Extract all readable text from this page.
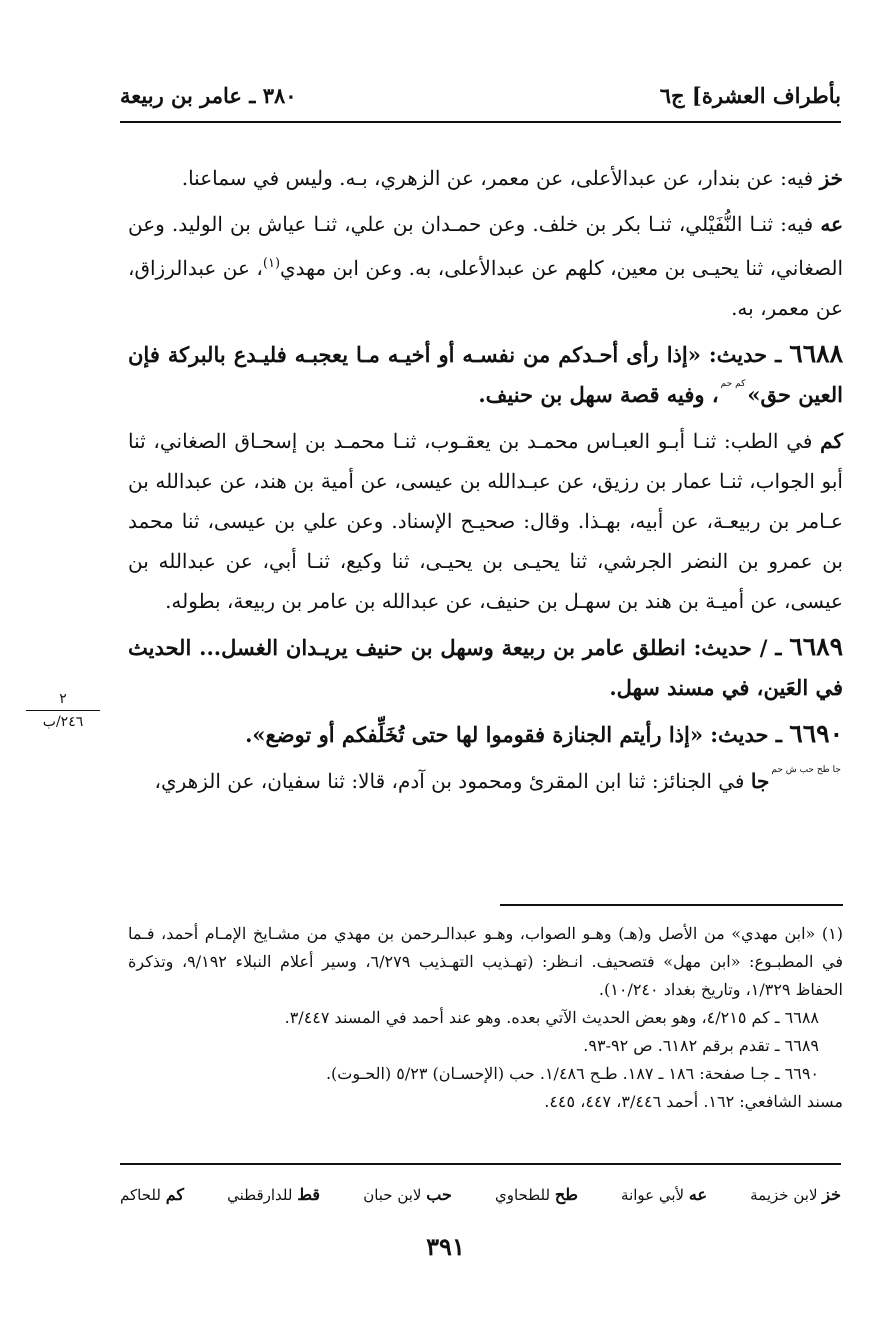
بأطراف العشرة] ج٦
٣٨٠ ـ عامر بن ربيعة

خز فيه: عن بندار، عن عبدالأعلى، عن معمر، عن الزهري، بـه. وليس في سماعنا.

عه فيه: ثنـا النُّفَيْلي، ثنـا بكر بن خلف. وعن حمـدان بن علي، ثنـا عياش بن الوليد. وعن الصغاني، ثنا يحيـى بن معين، كلهم عن عبدالأعلى، به. وعن ابن مهدي$^{(١)}$، عن عبدالرزاق، عن معمر، به.

٦٦٨٨ ـ حديث: «إذا رأى أحـدكم من نفسـه أو أخيـه مـا يعجبـه فليـدع بالبركة فإن العين حق»كم حم، وفيه قصة سهل بن حنيف.

كم في الطب: ثنـا أبـو العبـاس محمـد بن يعقـوب، ثنـا محمـد بن إسحـاق الصغاني، ثنا أبو الجواب، ثنـا عمار بن رزيق، عن عبـدالله بن عيسى، عن أمية بن هند، عن عبدالله بن عـامر بن ربيعـة، عن أبيه، بهـذا. وقال: صحيـح الإسناد. وعن علي بن عيسى، ثنا محمد بن عمرو بن النضر الجرشي، ثنا يحيـى بن يحيـى، ثنا وكيع، ثنـا أبي، عن عبدالله بن عيسى، عن أميـة بن هند بن سهـل بن حنيف، عن عبدالله بن عامر بن ربيعة، بطوله.

٦٦٨٩ ـ / حديث: انطلق عامر بن ربيعة وسهل بن حنيف يريـدان الغسل... الحديث في العَين، في مسند سهل.

٦٦٩٠ ـ حديث: «إذا رأيتم الجنازة فقوموا لها حتى تُخَلِّفكم أو توضع».

جا طح حب ش حمجا في الجنائز: ثنا ابن المقرئ ومحمود بن آدم، قالا: ثنا سفيان، عن الزهري،

٢
٢٤٦/ب

(١) «ابن مهدي» من الأصل و(هـ) وهـو الصواب، وهـو عبدالـرحمن بن مهدي من مشـايخ الإمـام أحمد، فـما في المطبـوع: «ابن مهل» فتصحيف. انـظر: (تهـذيب التهـذيب ٦/٢٧٩، وسير أعلام النبلاء ٩/١٩٢، وتذكرة الحفاظ ١/٣٢٩، وتاريخ بغداد ١٠/٢٤٠).

٦٦٨٨ ـ كم ٤/٢١٥، وهو بعض الحديث الآتي بعده. وهو عند أحمد في المسند ٣/٤٤٧.

٦٦٨٩ ـ تقدم برقم ٦١٨٢. ص ٩٢-٩٣.

٦٦٩٠ ـ جـا صفحة: ١٨٦ ـ ١٨٧. طـح ١/٤٨٦. حب (الإحسـان) ٥/٢٣ (الحـوت).

مسند الشافعي: ١٦٢. أحمد ٣/٤٤٦، ٤٤٧، ٤٤٥.

خز لابن خزيمة
عه لأبي عوانة
طح للطحاوي
حب لابن حبان
قط للدارقطني
كم للحاكم
٣٩١
